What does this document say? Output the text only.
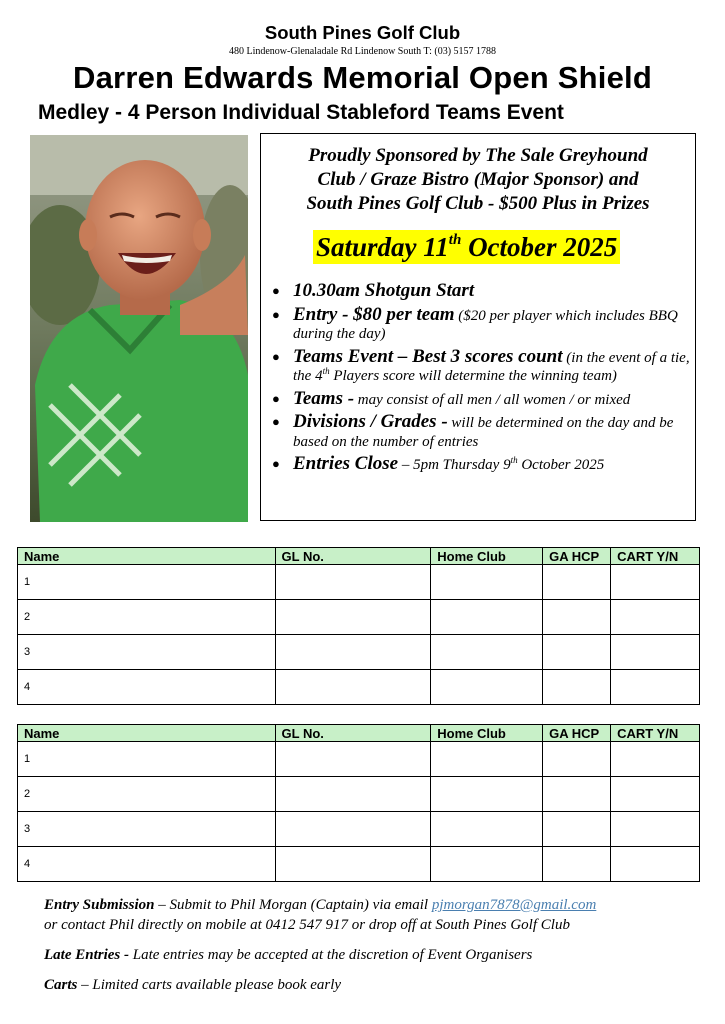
South Pines Golf Club
480 Lindenow-Glenaladale Rd Lindenow South T: (03) 5157 1788
Darren Edwards Memorial Open Shield
Medley - 4 Person Individual Stableford Teams Event
Proudly Sponsored by The Sale Greyhound
Club / Graze Bistro (Major Sponsor) and
South Pines Golf Club - $500 Plus in Prizes
Saturday 11th October 2025
● 10.30am Shotgun Start
● Entry - $80 per team ($20 per player which includes BBQ during the day)
● Teams Event – Best 3 scores count (in the event of a tie, the 4th Players score will determine the winning team)
● Teams - may consist of all men / all women / or mixed
● Divisions / Grades - will be determined on the day and be based on the number of entries
● Entries Close – 5pm Thursday 9th October 2025
Name	GL No.	Home Club	GA HCP	CART Y/N
1				
2				
3				
4				
Name	GL No.	Home Club	GA HCP	CART Y/N
1				
2				
3				
4				
Entry Submission – Submit to Phil Morgan (Captain) via email pjmorgan7878@gmail.com
or contact Phil directly on mobile at 0412 547 917 or drop off at South Pines Golf Club
Late Entries - Late entries may be accepted at the discretion of Event Organisers
Carts – Limited carts available please book early
